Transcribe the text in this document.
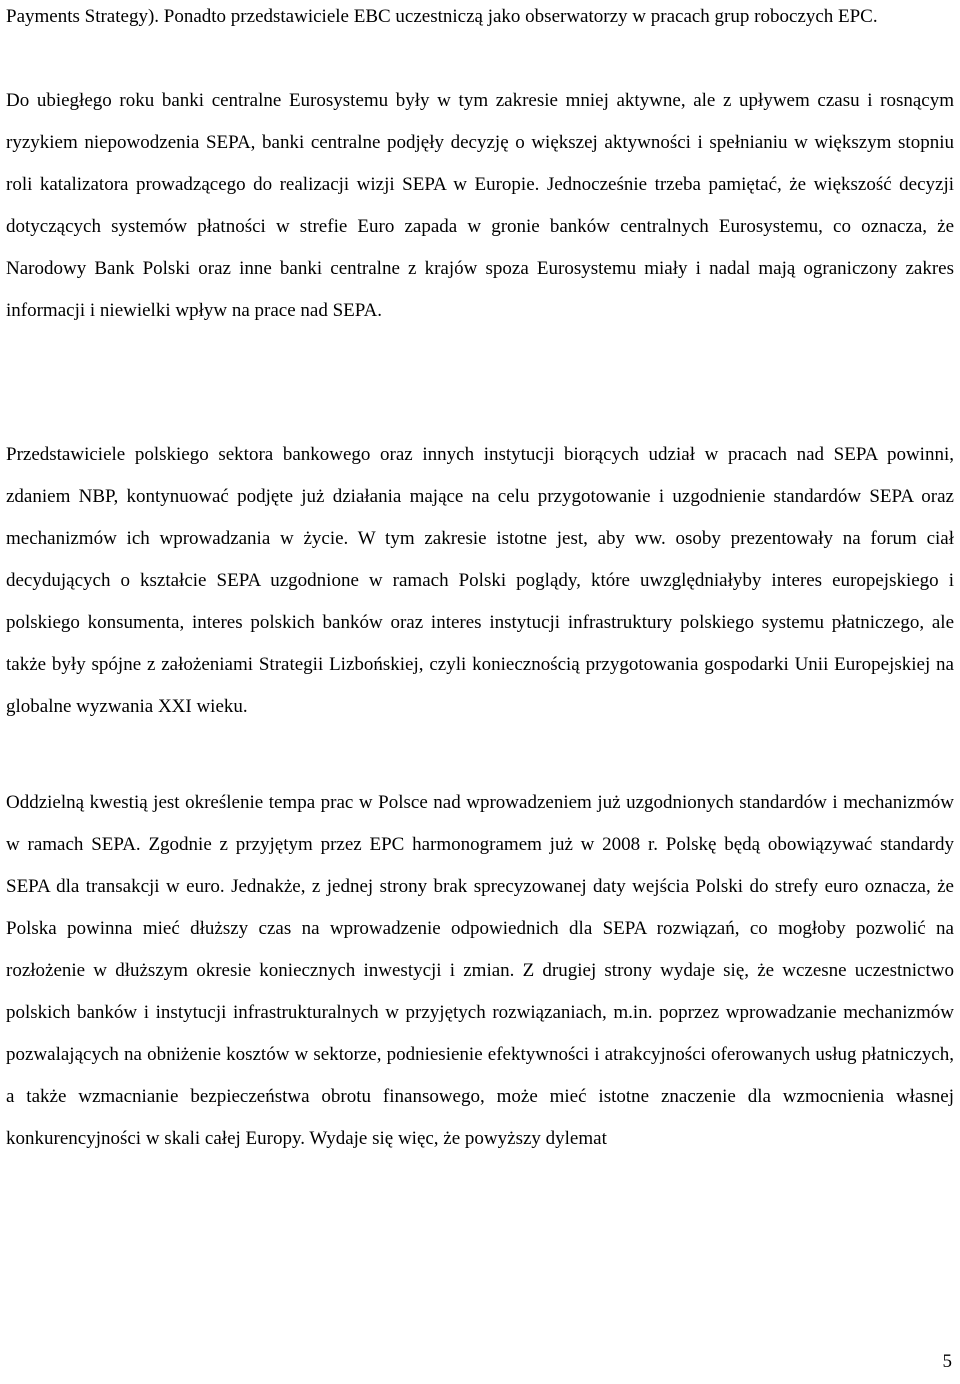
Payments Strategy). Ponadto przedstawiciele EBC uczestniczą jako obserwatorzy w pracach grup roboczych EPC.

Do ubiegłego roku banki centralne Eurosystemu były w tym zakresie mniej aktywne, ale z upływem czasu i rosnącym ryzykiem niepowodzenia SEPA, banki centralne podjęły decyzję o większej aktywności i spełnianiu w większym stopniu roli katalizatora prowadzącego do realizacji wizji SEPA w Europie. Jednocześnie trzeba pamiętać, że większość decyzji dotyczących systemów płatności w strefie Euro zapada w gronie banków centralnych Eurosystemu, co oznacza, że Narodowy Bank Polski oraz inne banki centralne z krajów spoza Eurosystemu miały i nadal mają ograniczony zakres informacji i niewielki wpływ na prace nad SEPA.

Przedstawiciele polskiego sektora bankowego oraz innych instytucji biorących udział w pracach nad SEPA powinni, zdaniem NBP, kontynuować podjęte już działania mające na celu przygotowanie i uzgodnienie standardów SEPA oraz mechanizmów ich wprowadzania w życie. W tym zakresie istotne jest, aby ww. osoby prezentowały na forum ciał decydujących o kształcie SEPA uzgodnione w ramach Polski poglądy, które uwzględniałyby interes europejskiego i polskiego konsumenta, interes polskich banków oraz interes instytucji infrastruktury polskiego systemu płatniczego, ale także były spójne z założeniami Strategii Lizbońskiej, czyli koniecznością przygotowania gospodarki Unii Europejskiej na globalne wyzwania XXI wieku.

Oddzielną kwestią jest określenie tempa prac w Polsce nad wprowadzeniem już uzgodnionych standardów i mechanizmów w ramach SEPA. Zgodnie z przyjętym przez EPC harmonogramem już w 2008 r. Polskę będą obowiązywać standardy SEPA dla transakcji w euro. Jednakże, z jednej strony brak sprecyzowanej daty wejścia Polski do strefy euro oznacza, że Polska powinna mieć dłuższy czas na wprowadzenie odpowiednich dla SEPA rozwiązań, co mogłoby pozwolić na rozłożenie w dłuższym okresie koniecznych inwestycji i zmian. Z drugiej strony wydaje się, że wczesne uczestnictwo polskich banków i instytucji infrastrukturalnych w przyjętych rozwiązaniach, m.in. poprzez wprowadzanie mechanizmów pozwalających na obniżenie kosztów w sektorze, podniesienie efektywności i atrakcyjności oferowanych usług płatniczych, a także wzmacnianie bezpieczeństwa obrotu finansowego, może mieć istotne znaczenie dla wzmocnienia własnej konkurencyjności w skali całej Europy. Wydaje się więc, że powyższy dylemat

5
